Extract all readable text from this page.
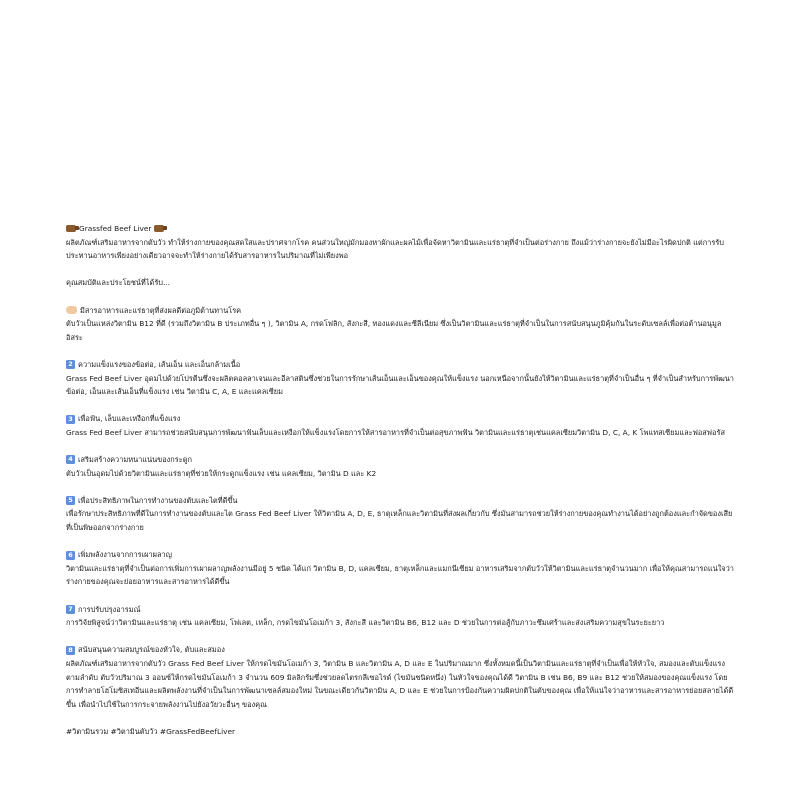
Grassfed Beef Liver

ผลิตภัณฑ์เสริมอาหารจากตับวัว ทำให้ร่างกายของคุณสดใสและปราศจากโรค คนส่วนใหญ่มักมองหาผักและผลไม้เพื่อจัดหาวิตามินและแร่ธาตุที่จำเป็นต่อร่างกาย ถึงแม้ว่าร่างกายจะยังไม่มีอะไรผิดปกติ แต่การรับประทานอาหารเพียงอย่างเดียวอาจจะทำให้ร่างกายได้รับสารอาหารในปริมาณที่ไม่เพียงพอ

คุณสมบัติและประโยชน์ที่ได้รับ...

มีสารอาหารและแร่ธาตุที่ส่งผลดีต่อภูมิต้านทานโรค

ตับวัวเป็นแหล่งวิตามิน B12 ที่ดี (รวมถึงวิตามิน B ประเภทอื่น ๆ ), วิตามิน A, กรดโฟลิก, สังกะสี, ทองแดงและซีลีเนียม ซึ่งเป็นวิตามินและแร่ธาตุที่จำเป็นในการสนับสนุนภูมิคุ้มกันในระดับเซลล์เพื่อต่อต้านอนุมูลอิสระ

2 ความแข็งแรงของข้อต่อ, เส้นเอ็น และเอ็นกล้ามเนื้อ

Grass Fed Beef Liver อุดมไปด้วยโปรตีนซึ่งจะผลิตคอลลาเจนและอีลาสตินซึ่งช่วยในการรักษาเส้นเอ็นและเอ็นของคุณให้แข็งแรง นอกเหนือจากนั้นยังให้วิตามินและแร่ธาตุที่จำเป็นอื่น ๆ ที่จำเป็นสำหรับการพัฒนาข้อต่อ, เอ็นและเส้นเอ็นที่แข็งแรง เช่น วิตามิน C, A, E และแคลเซียม

3 เพื่อฟัน, เล็บและเหงือกที่แข็งแรง

Grass Fed Beef Liver สามารถช่วยสนับสนุนการพัฒนาฟันเล็บและเหงือกให้แข็งแรงโดยการให้สารอาหารที่จำเป็นต่อสุขภาพฟัน วิตามินและแร่ธาตุเช่นแคลเซียมวิตามิน D, C, A, K โพแทสเซียมและฟอสฟอรัส

4 เสริมสร้างความหนาแน่นของกระดูก

ตับวัวเป็นอุดมไปด้วยวิตามินและแร่ธาตุที่ช่วยให้กระดูกแข็งแรง เช่น แคลเซียม, วิตามิน D และ K2

5 เพื่อประสิทธิภาพในการทำงานของตับและไตที่ดีขึ้น

เพื่อรักษาประสิทธิภาพที่ดีในการทำงานของตับและไต Grass Fed Beef Liver ให้วิตามิน A, D, E, ธาตุเหล็กและวิตามินที่ส่งผลเกี่ยวกับ ซึ่งมันสามารถช่วยให้ร่างกายของคุณทำงานได้อย่างถูกต้องและกำจัดของเสียที่เป็นพิษออกจากร่างกาย

6 เพิ่มพลังงานจากการเผาผลาญ

วิตามินและแร่ธาตุที่จำเป็นต่อการเพิ่มการเผาผลาญพลังงานมีอยู่ 5 ชนิด ได้แก่ วิตามิน B, D, แคลเซียม, ธาตุเหล็กและแมกนีเซียม อาหารเสริมจากตับวัวให้วิตามินและแร่ธาตุจำนวนมาก เพื่อให้คุณสามารถแน่ใจว่าร่างกายของคุณจะย่อยอาหารและสารอาหารได้ดีขึ้น

7 การปรับปรุงอารมณ์

การวิจัยพิสูจน์ว่าวิตามินและแร่ธาตุ เช่น แคลเซียม, โฟเลต, เหล็ก, กรดไขมันโอเมก้า 3, สังกะสี และวิตามิน B6, B12 และ D ช่วยในการต่อสู้กับภาวะซึมเศร้าและส่งเสริมความสุขในระยะยาว

8 สนับสนุนความสมบูรณ์ของหัวใจ, ตับและสมอง

ผลิตภัณฑ์เสริมอาหารจากตับวัว Grass Fed Beef Liver ให้กรดไขมันโอเมก้า 3, วิตามิน B และวิตามิน A, D และ E ในปริมาณมาก ซึ่งทั้งหมดนี้เป็นวิตามินและแร่ธาตุที่จำเป็นเพื่อให้หัวใจ, สมองและตับแข็งแรงตามลำดับ ตับวัวปริมาณ 3 ออนซ์ให้กรดไขมันโอเมก้า 3 จำนวน 609 มิลลิกรัมซึ่งช่วยลดไตรกลีเซอไรด์ (ไขมันชนิดหนึ่ง) ในหัวใจของคุณได้ดี วิตามิน B เช่น B6, B9 และ B12 ช่วยให้สมองของคุณแข็งแรง โดยการทำลายโฮโมซิสเทอีนและผลิตพลังงานที่จำเป็นในการพัฒนาเซลล์สมองใหม่ ในขณะเดียวกันวิตามิน A, D และ E ช่วยในการป้องกันความผิดปกติในตับของคุณ เพื่อให้แน่ใจว่าอาหารและสารอาหารย่อยสลายได้ดีขึ้น เพื่อนำไปใช้ในการกระจายพลังงานไปยังอวัยวะอื่นๆ ของคุณ

#วิตามินรวม #วิตามินตับวัว #GrassFedBeefLiver
